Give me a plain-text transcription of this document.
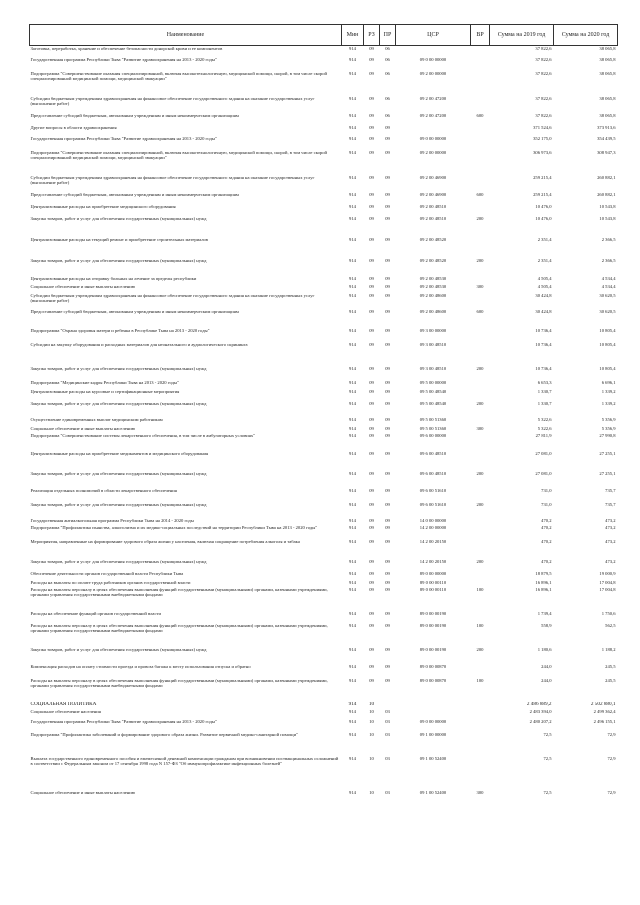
Наименование	Мин	РЗ	ПР	ЦСР	ВР	Сумма на 2019 год	Сумма на 2020 год
Заготовка, переработка, хранение и обеспечение безопасности донорской крови и ее компонентов	914	09	06			37 822,6	38 065,8
Государственная программа Республики Тыва "Развитие здравоохранения на 2013 - 2020 годы"	914	09	06	09 0 00 00000		37 822,6	38 065,8
Подпрограмма "Совершенствование оказания специализированной, включая высокотехнологичную, медицинской помощи, скорой, в том числе скорой специализированной медицинской помощи, медицинской эвакуации"	914	09	06	09 2 00 00000		37 822,6	38 065,8
Субсидии бюджетным учреждениям здравоохранения на финансовое обеспечение государственного задания на оказание государственных услуг (выполнение работ)	914	09	06	09 2 00 47200		37 822,6	38 065,8
Предоставление субсидий бюджетным, автономным учреждениям и иным некоммерческим организациям	914	09	06	09 2 00 47200	600	37 822,6	38 065,8
Другие вопросы в области здравоохранения	914	09	09			371 524,6	373 913,6
Государственная программа Республики Тыва "Развитие здравоохранения на 2013 - 2020 годы"	914	09	09	09 0 00 00000		352 175,0	354 439,5
Подпрограмма "Совершенствование оказания специализированной, включая высокотехнологичную, медицинской помощи, скорой, в том числе скорой специализированной медицинской помощи, медицинской эвакуации"	914	09	09	09 2 00 00000		306 973,6	308 947,3
Субсидии бюджетным учреждениям здравоохранения на финансовое обеспечение государственного задания на оказание государственных услуг (выполнение работ)	914	09	09	09 2 00 46900		259 215,4	260 882,1
Предоставление субсидий бюджетным, автономным учреждениям и иным некоммерческим организациям	914	09	09	09 2 00 46900	600	259 215,4	260 882,1
Централизованные расходы на приобретение медицинского оборудования	914	09	09	09 2 00 48510		10 476,0	10 543,8
Закупка товаров, работ и услуг для обеспечения государственных (муниципальных) нужд	914	09	09	09 2 00 48510	200	10 476,0	10 543,8
Централизованные расходы на текущий ремонт и приобретение строительных материалов	914	09	09	09 2 00 48520		2 351,4	2 366,5
Закупка товаров, работ и услуг для обеспечения государственных (муниципальных) нужд	914	09	09	09 2 00 48520	200	2 351,4	2 366,5
Централизованные расходы на отправку больных на лечение за пределы республики	914	09	09	09 2 00 48530		4 505,4	4 534,4
Социальное обеспечение и иные выплаты населению	914	09	09	09 2 00 48530	300	4 505,4	4 534,4
Субсидии бюджетным учреждениям здравоохранения на финансовое обеспечение государственного задания на оказание государственных услуг (выполнение работ)	914	09	09	09 2 00 48600		30 424,8	30 620,5
Предоставление субсидий бюджетным, автономным учреждениям и иным некоммерческим организациям	914	09	09	09 2 00 48600	600	30 424,8	30 620,5
Подпрограмма "Охрана здоровья матери и ребенка в Республике Тыва на 2013 - 2020 годы"	914	09	09	09 3 00 00000		10 736,4	10 805,4
Субсидии на закупку оборудования и расходных материалов для неонатального и аудиологического скрининга	914	09	09	09 3 00 48510		10 736,4	10 805,4
Закупка товаров, работ и услуг для обеспечения государственных (муниципальных) нужд	914	09	09	09 3 00 48510	200	10 736,4	10 805,4
Подпрограмма "Медицинские кадры Республики Тыва на 2013 - 2020 годы"	914	09	09	09 5 00 00000		6 653,3	6 696,1
Централизованные расходы на курсовые и сертификационные мероприятия	914	09	09	09 5 00 48540		1 330,7	1 339,2
Закупка товаров, работ и услуг для обеспечения государственных (муниципальных) нужд	914	09	09	09 5 00 48540	200	1 330,7	1 339,2
Осуществление единовременных выплат медицинским работникам	914	09	09	09 5 00 51360		5 322,6	5 356,9
Социальное обеспечение и иные выплаты населению	914	09	09	09 5 00 51360	300	5 322,6	5 356,9
Подпрограмма "Совершенствование системы лекарственного обеспечения, в том числе в амбулаторных условиях"	914	09	09	09 6 00 00000		27 811,9	27 990,8
Централизованные расходы на приобретение медикаментов и медицинского оборудования	914	09	09	09 6 00 48510		27 081,0	27 255,1
Закупка товаров, работ и услуг для обеспечения государственных (муниципальных) нужд	914	09	09	09 6 00 48510	200	27 081,0	27 255,1
Реализация отдельных полномочий в области лекарственного обеспечения	914	09	09	09 6 00 51610		731,0	735,7
Закупка товаров, работ и услуг для обеспечения государственных (муниципальных) нужд	914	09	09	09 6 00 51610	200	731,0	735,7
Государственная антиалкогольная программа Республики Тыва на 2014 - 2020 годы	914	09	09	14 0 00 00000		470,2	473,2
Подпрограмма "Профилактика пьянства, алкоголизма и их медико-социальных последствий на территории Республики Тыва на 2013 - 2020 годы"	914	09	09	14 2 00 00000		470,2	473,2
Мероприятия, направленные на формирование здорового образа жизни у населения, включая сокращение потребления алкоголя и табака	914	09	09	14 2 00 20150		470,2	473,2
Закупка товаров, работ и услуг для обеспечения государственных (муниципальных) нужд	914	09	09	14 2 00 20150	200	470,2	473,2
Обеспечение деятельности органов государственной власти Республики Тыва	914	09	09	89 0 00 00000		18 879,5	19 000,9
Расходы на выплаты по оплате труда работников органов государственной власти	914	09	09	89 0 00 00110		16 896,1	17 004,8
Расходы на выплаты персоналу в целях обеспечения выполнения функций государственными (муниципальными) органами, казенными учреждениями, органами управления государственными внебюджетными фондами	914	09	09	89 0 00 00110	100	16 896,1	17 004,8
Расходы на обеспечение функций органов государственной власти	914	09	09	89 0 00 00190		1 739,4	1 750,6
Расходы на выплаты персоналу в целях обеспечения выполнения функций государственными (муниципальными) органами, казенными учреждениями, органами управления государственными внебюджетными фондами	914	09	09	89 0 00 00190	100	558,9	562,5
Закупка товаров, работ и услуг для обеспечения государственных (муниципальных) нужд	914	09	09	89 0 00 00190	200	1 180,6	1 188,2
Компенсация расходов на оплату стоимости проезда и провоза багажа к месту использования отпуска и обратно	914	09	09	89 0 00 00870		244,0	245,5
Расходы на выплаты персоналу в целях обеспечения выполнения функций государственными (муниципальными) органами, казенными учреждениями, органами управления государственными внебюджетными фондами	914	09	09	89 0 00 00870	100	244,0	245,5
СОЦИАЛЬНАЯ ПОЛИТИКА	914	10				2 486 889,2	2 502 880,1
Социальное обеспечение населения	914	10	03			2 483 394,0	2 499 362,4
Государственная программа Республики Тыва "Развитие здравоохранения на 2013 - 2020 годы"	914	10	03	09 0 00 00000		2 480 207,2	2 496 155,1
Подпрограмма "Профилактика заболеваний и формирование здорового образа жизни. Развитие первичной медико-санитарной помощи"	914	10	03	09 1 00 00000		72,5	72,9
Выплата государственного единовременного пособия и ежемесячной денежной компенсации гражданам при возникновении поствакцинальных осложнений в соответствии с Федеральным законом от 17 сентября 1998 года N 157-ФЗ "Об иммунопрофилактике инфекционных болезней"	914	10	03	09 1 00 52400		72,5	72,9
Социальное обеспечение и иные выплаты населению	914	10	03	09 1 00 52400	300	72,5	72,9
